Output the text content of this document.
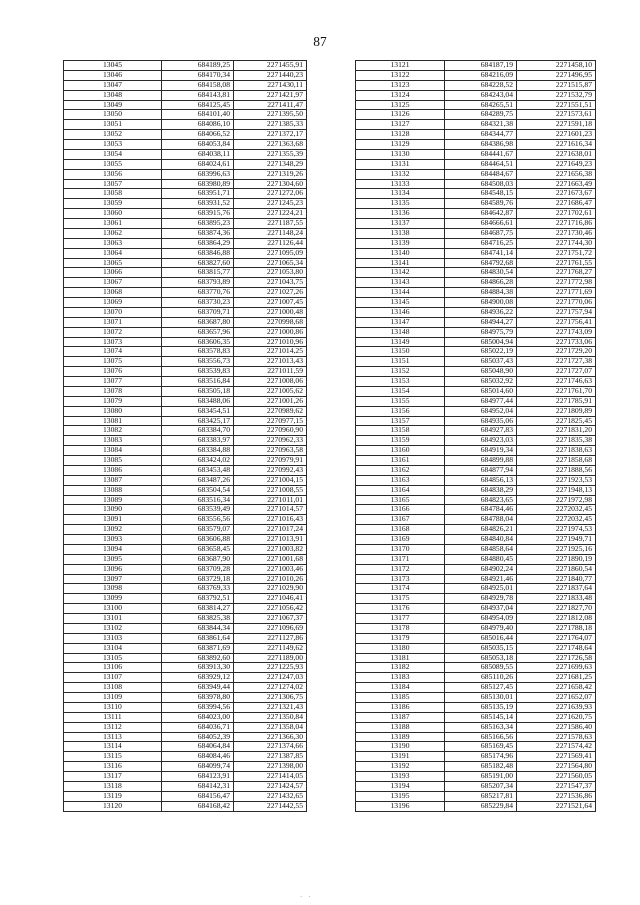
87
13045	684189,25	2271455,91
13046	684170,34	2271440,23
13047	684158,08	2271430,11
13048	684143,81	2271421,97
13049	684125,45	2271411,47
13050	684101,40	2271395,50
13051	684086,10	2271385,33
13052	684066,52	2271372,17
13053	684053,84	2271363,68
13054	684038,11	2271355,39
13055	684024,61	2271348,29
13056	683996,63	2271319,26
13057	683980,89	2271304,60
13058	683951,71	2271272,06
13059	683931,52	2271245,23
13060	683915,76	2271224,21
13061	683895,23	2271187,55
13062	683874,36	2271148,24
13063	683864,29	2271126,44
13064	683846,88	2271095,09
13065	683827,60	2271065,34
13066	683815,77	2271053,80
13067	683793,89	2271043,75
13068	683770,76	2271027,26
13069	683730,23	2271007,45
13070	683709,71	2271000,48
13071	683687,80	2270998,68
13072	683657,96	2271000,86
13073	683606,35	2271010,96
13074	683578,83	2271014,25
13075	683556,73	2271013,43
13076	683539,83	2271011,59
13077	683516,84	2271008,06
13078	683505,18	2271005,62
13079	683488,06	2271001,26
13080	683454,51	2270989,62
13081	683425,17	2270977,15
13082	683384,70	2270960,90
13083	683383,97	2270962,33
13084	683384,88	2270963,58
13085	683424,02	2270979,91
13086	683453,48	2270992,43
13087	683487,26	2271004,15
13088	683504,54	2271008,55
13089	683516,34	2271011,01
13090	683539,49	2271014,57
13091	683556,56	2271016,43
13092	683579,07	2271017,24
13093	683606,88	2271013,91
13094	683658,45	2271003,82
13095	683687,90	2271001,68
13096	683709,28	2271003,46
13097	683729,18	2271010,26
13098	683769,33	2271029,90
13099	683792,51	2271046,41
13100	683814,27	2271056,42
13101	683825,38	2271067,37
13102	683844,34	2271096,69
13103	683861,64	2271127,86
13104	683871,69	2271149,62
13105	683892,60	2271189,00
13106	683913,30	2271225,93
13107	683929,12	2271247,03
13108	683949,44	2271274,02
13109	683978,80	2271306,75
13110	683994,56	2271321,43
13111	684023,00	2271350,84
13112	684036,71	2271358,04
13113	684052,39	2271366,30
13114	684064,84	2271374,66
13115	684084,46	2271387,85
13116	684099,74	2271398,00
13117	684123,91	2271414,05
13118	684142,31	2271424,57
13119	684156,47	2271432,65
13120	684168,42	2271442,55
13121	684187,19	2271458,10
13122	684216,09	2271496,95
13123	684228,52	2271515,87
13124	684243,04	2271532,79
13125	684265,51	2271551,51
13126	684289,75	2271573,61
13127	684321,38	2271591,18
13128	684344,77	2271601,23
13129	684386,98	2271616,34
13130	684441,67	2271638,01
13131	684464,51	2271649,23
13132	684484,67	2271656,38
13133	684508,03	2271663,49
13134	684548,15	2271673,67
13135	684589,76	2271686,47
13136	684642,87	2271702,61
13137	684666,61	2271716,86
13138	684687,75	2271730,46
13139	684716,25	2271744,30
13140	684741,14	2271751,72
13141	684792,68	2271761,55
13142	684830,54	2271768,27
13143	684866,28	2271772,98
13144	684884,38	2271771,69
13145	684900,08	2271770,06
13146	684936,22	2271757,94
13147	684944,27	2271756,41
13148	684975,79	2271743,09
13149	685004,94	2271733,06
13150	685022,19	2271729,20
13151	685037,43	2271727,38
13152	685048,90	2271727,07
13153	685032,92	2271746,63
13154	685014,60	2271761,70
13155	684977,44	2271785,91
13156	684952,04	2271809,89
13157	684935,06	2271825,45
13158	684927,83	2271831,20
13159	684923,03	2271835,38
13160	684919,34	2271838,63
13161	684899,88	2271858,68
13162	684877,94	2271888,56
13163	684856,13	2271923,53
13164	684838,29	2271948,13
13165	684823,65	2271972,98
13166	684784,46	2272032,45
13167	684788,04	2272032,45
13168	684826,21	2271974,53
13169	684840,84	2271949,71
13170	684858,64	2271925,16
13171	684880,45	2271890,19
13172	684902,24	2271860,54
13173	684921,46	2271840,77
13174	684925,01	2271837,64
13175	684929,78	2271833,48
13176	684937,04	2271827,70
13177	684954,09	2271812,08
13178	684979,40	2271788,18
13179	685016,44	2271764,07
13180	685035,15	2271748,64
13181	685053,18	2271726,58
13182	685089,55	2271699,63
13183	685110,26	2271681,25
13184	685127,45	2271658,42
13185	685130,01	2271652,07
13186	685135,19	2271639,93
13187	685145,14	2271620,75
13188	685163,34	2271586,40
13189	685166,56	2271578,63
13190	685169,45	2271574,42
13191	685174,96	2271569,41
13192	685182,48	2271564,80
13193	685191,00	2271560,05
13194	685207,34	2271547,37
13195	685217,81	2271536,86
13196	685229,84	2271521,64
· ·
